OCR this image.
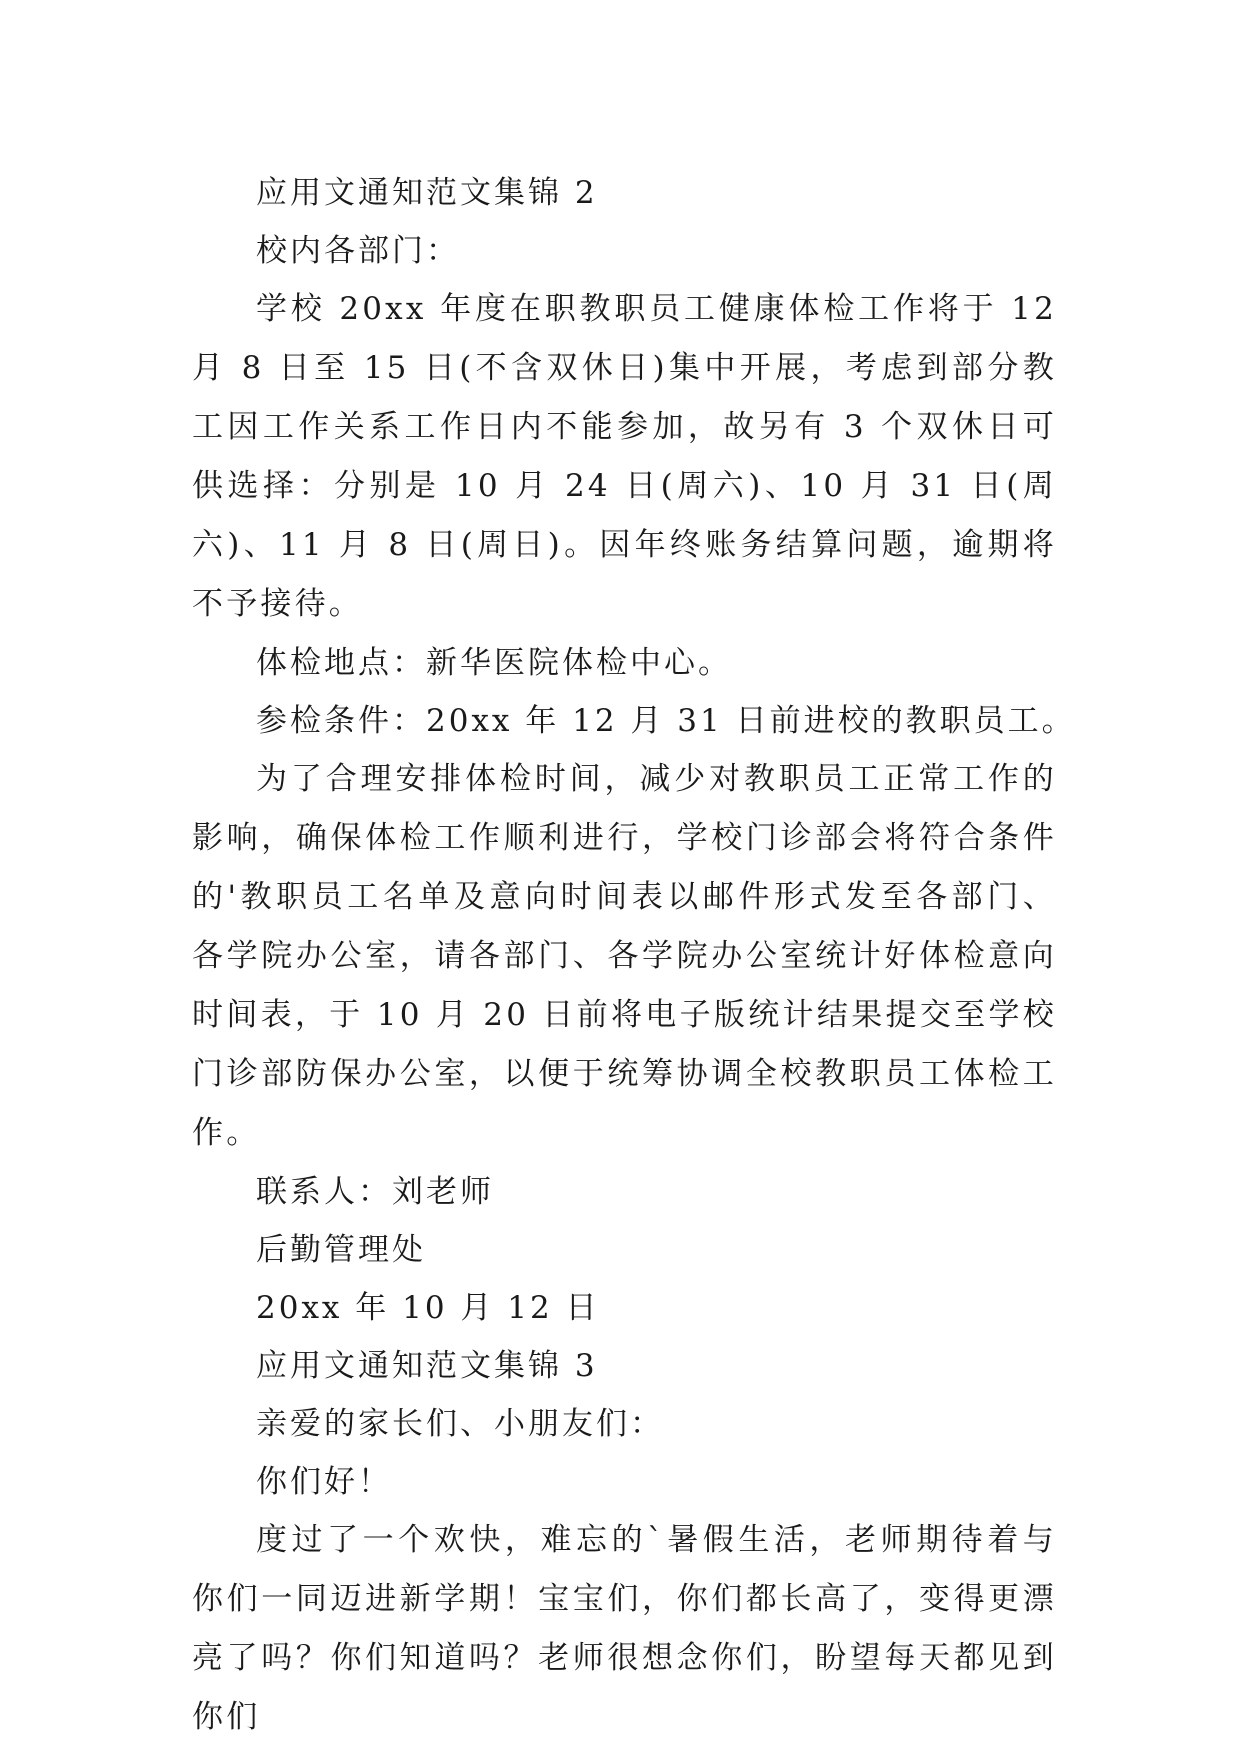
应用文通知范文集锦 2
校内各部门：

学校 20xx 年度在职教职员工健康体检工作将于 12 月 8 日至 15 日(不含双休日)集中开展，考虑到部分教工因工作关系工作日内不能参加，故另有 3 个双休日可供选择：分别是 10 月 24 日(周六)、10 月 31 日(周六)、11 月 8 日(周日)。因年终账务结算问题，逾期将不予接待。

体检地点：新华医院体检中心。
参检条件：20xx 年 12 月 31 日前进校的教职员工。

为了合理安排体检时间，减少对教职员工正常工作的影响，确保体检工作顺利进行，学校门诊部会将符合条件的'教职员工名单及意向时间表以邮件形式发至各部门、各学院办公室，请各部门、各学院办公室统计好体检意向时间表，于 10 月 20 日前将电子版统计结果提交至学校门诊部防保办公室，以便于统筹协调全校教职员工体检工作。

联系人：刘老师
后勤管理处
20xx 年 10 月 12 日
应用文通知范文集锦 3
亲爱的家长们、小朋友们：
你们好！

度过了一个欢快，难忘的`暑假生活，老师期待着与你们一同迈进新学期！宝宝们，你们都长高了，变得更漂亮了吗？你们知道吗？老师很想念你们，盼望每天都见到你们
